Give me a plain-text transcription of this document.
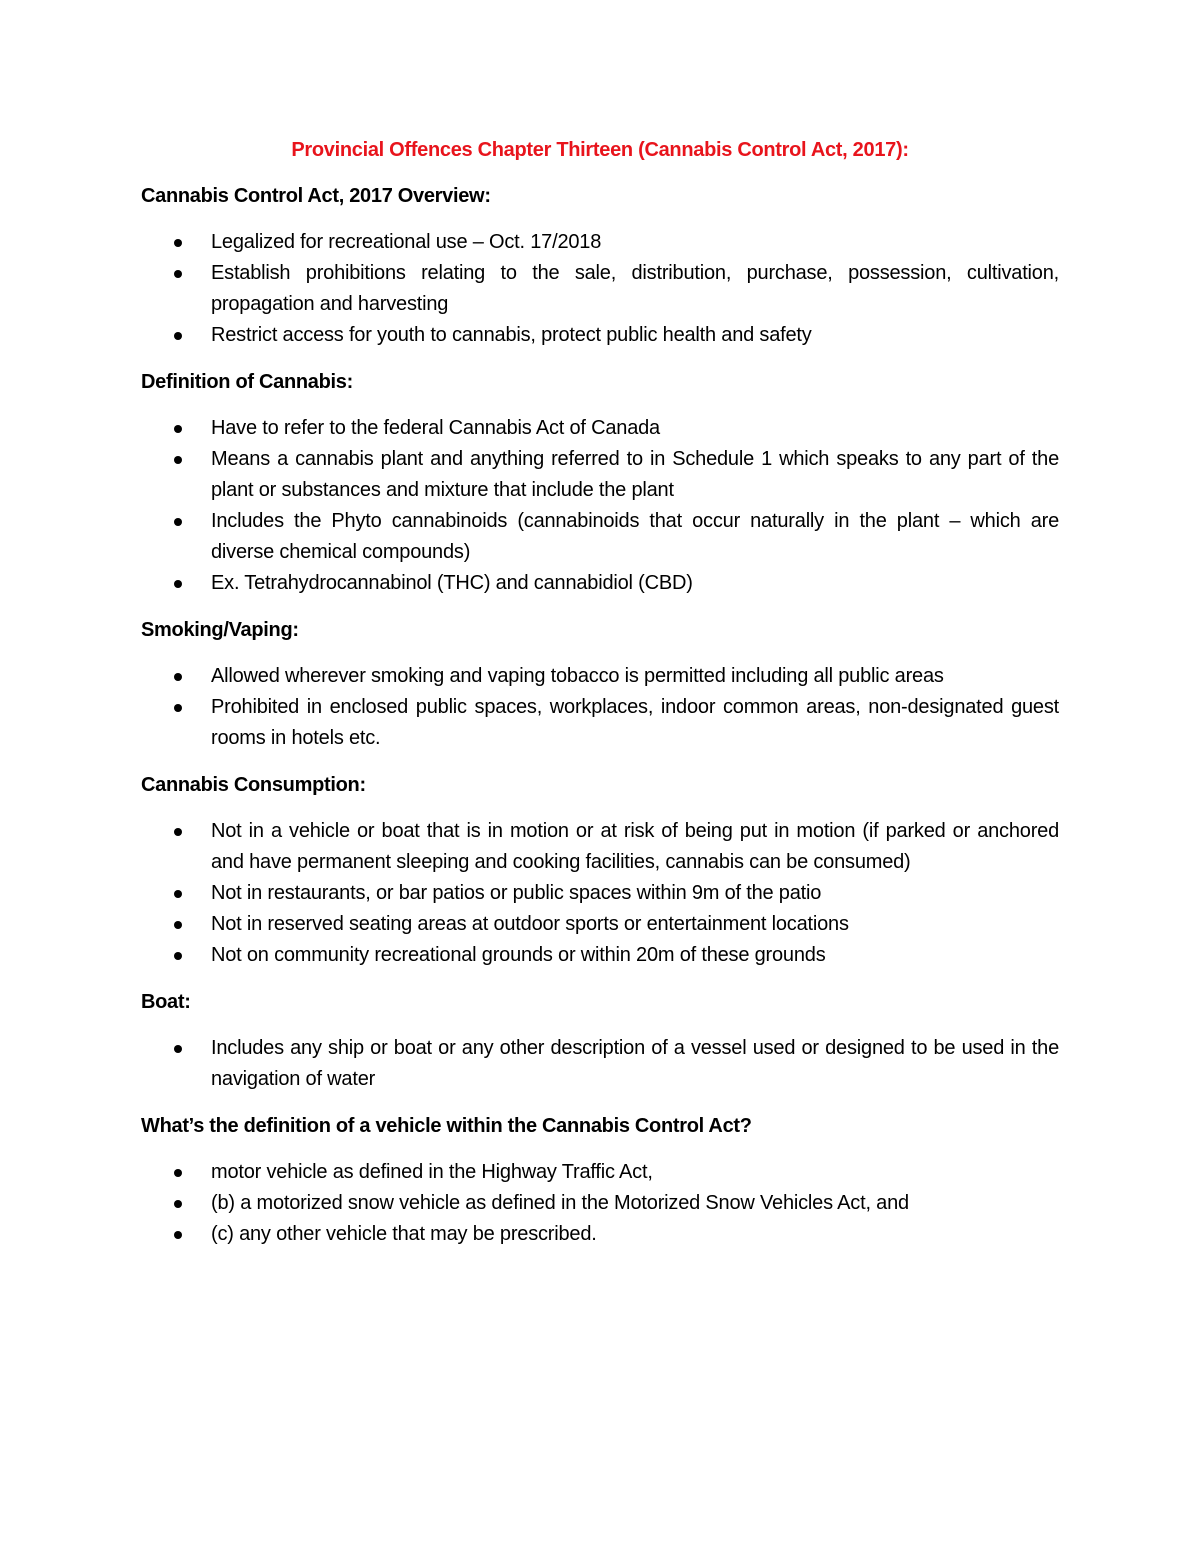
Provincial Offences Chapter Thirteen (Cannabis Control Act, 2017):
Cannabis Control Act, 2017 Overview:
Legalized for recreational use – Oct. 17/2018
Establish prohibitions relating to the sale, distribution, purchase, possession, cultivation, propagation and harvesting
Restrict access for youth to cannabis, protect public health and safety
Definition of Cannabis:
Have to refer to the federal Cannabis Act of Canada
Means a cannabis plant and anything referred to in Schedule 1 which speaks to any part of the plant or substances and mixture that include the plant
Includes the Phyto cannabinoids (cannabinoids that occur naturally in the plant – which are diverse chemical compounds)
Ex. Tetrahydrocannabinol (THC) and cannabidiol (CBD)
Smoking/Vaping:
Allowed wherever smoking and vaping tobacco is permitted including all public areas
Prohibited in enclosed public spaces, workplaces, indoor common areas, non-designated guest rooms in hotels etc.
Cannabis Consumption:
Not in a vehicle or boat that is in motion or at risk of being put in motion (if parked or anchored and have permanent sleeping and cooking facilities, cannabis can be consumed)
Not in restaurants, or bar patios or public spaces within 9m of the patio
Not in reserved seating areas at outdoor sports or entertainment locations
Not on community recreational grounds or within 20m of these grounds
Boat:
Includes any ship or boat or any other description of a vessel used or designed to be used in the navigation of water
What’s the definition of a vehicle within the Cannabis Control Act?
motor vehicle as defined in the Highway Traffic Act,
(b) a motorized snow vehicle as defined in the Motorized Snow Vehicles Act, and
(c) any other vehicle that may be prescribed.
